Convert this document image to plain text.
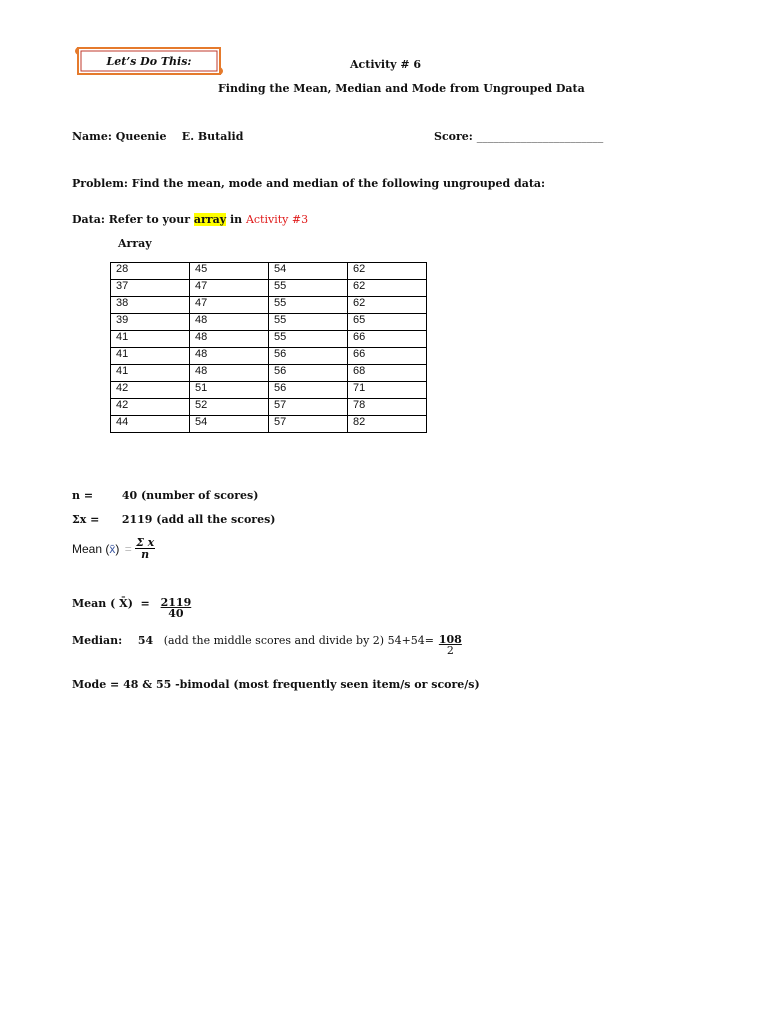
Let’s Do This:	Activity # 6
Finding the Mean, Median and Mode from Ungrouped Data
Name: Queenie    E. Butalid	Score: _______________________
Problem: Find the mean, mode and median of the following ungrouped data:
Data: Refer to your array in Activity #3
Array
28	45	54	62
37	47	55	62
38	47	55	62
39	48	55	65
41	48	55	66
41	48	56	66
41	48	56	68
42	51	56	71
42	52	57	78
44	54	57	82
n =	40 (number of scores)
Σx = 2119 (add all the scores)
Mean (x̄) = $\frac{\text{Σ x}}{n}$
Mean ( X̄)  = $\frac{2119}{40}$
Median: 54 (add the middle scores and divide by 2) $54+54= \frac{108}{2}$
Mode = 48 & 55 -bimodal (most frequently seen item/s or score/s)
